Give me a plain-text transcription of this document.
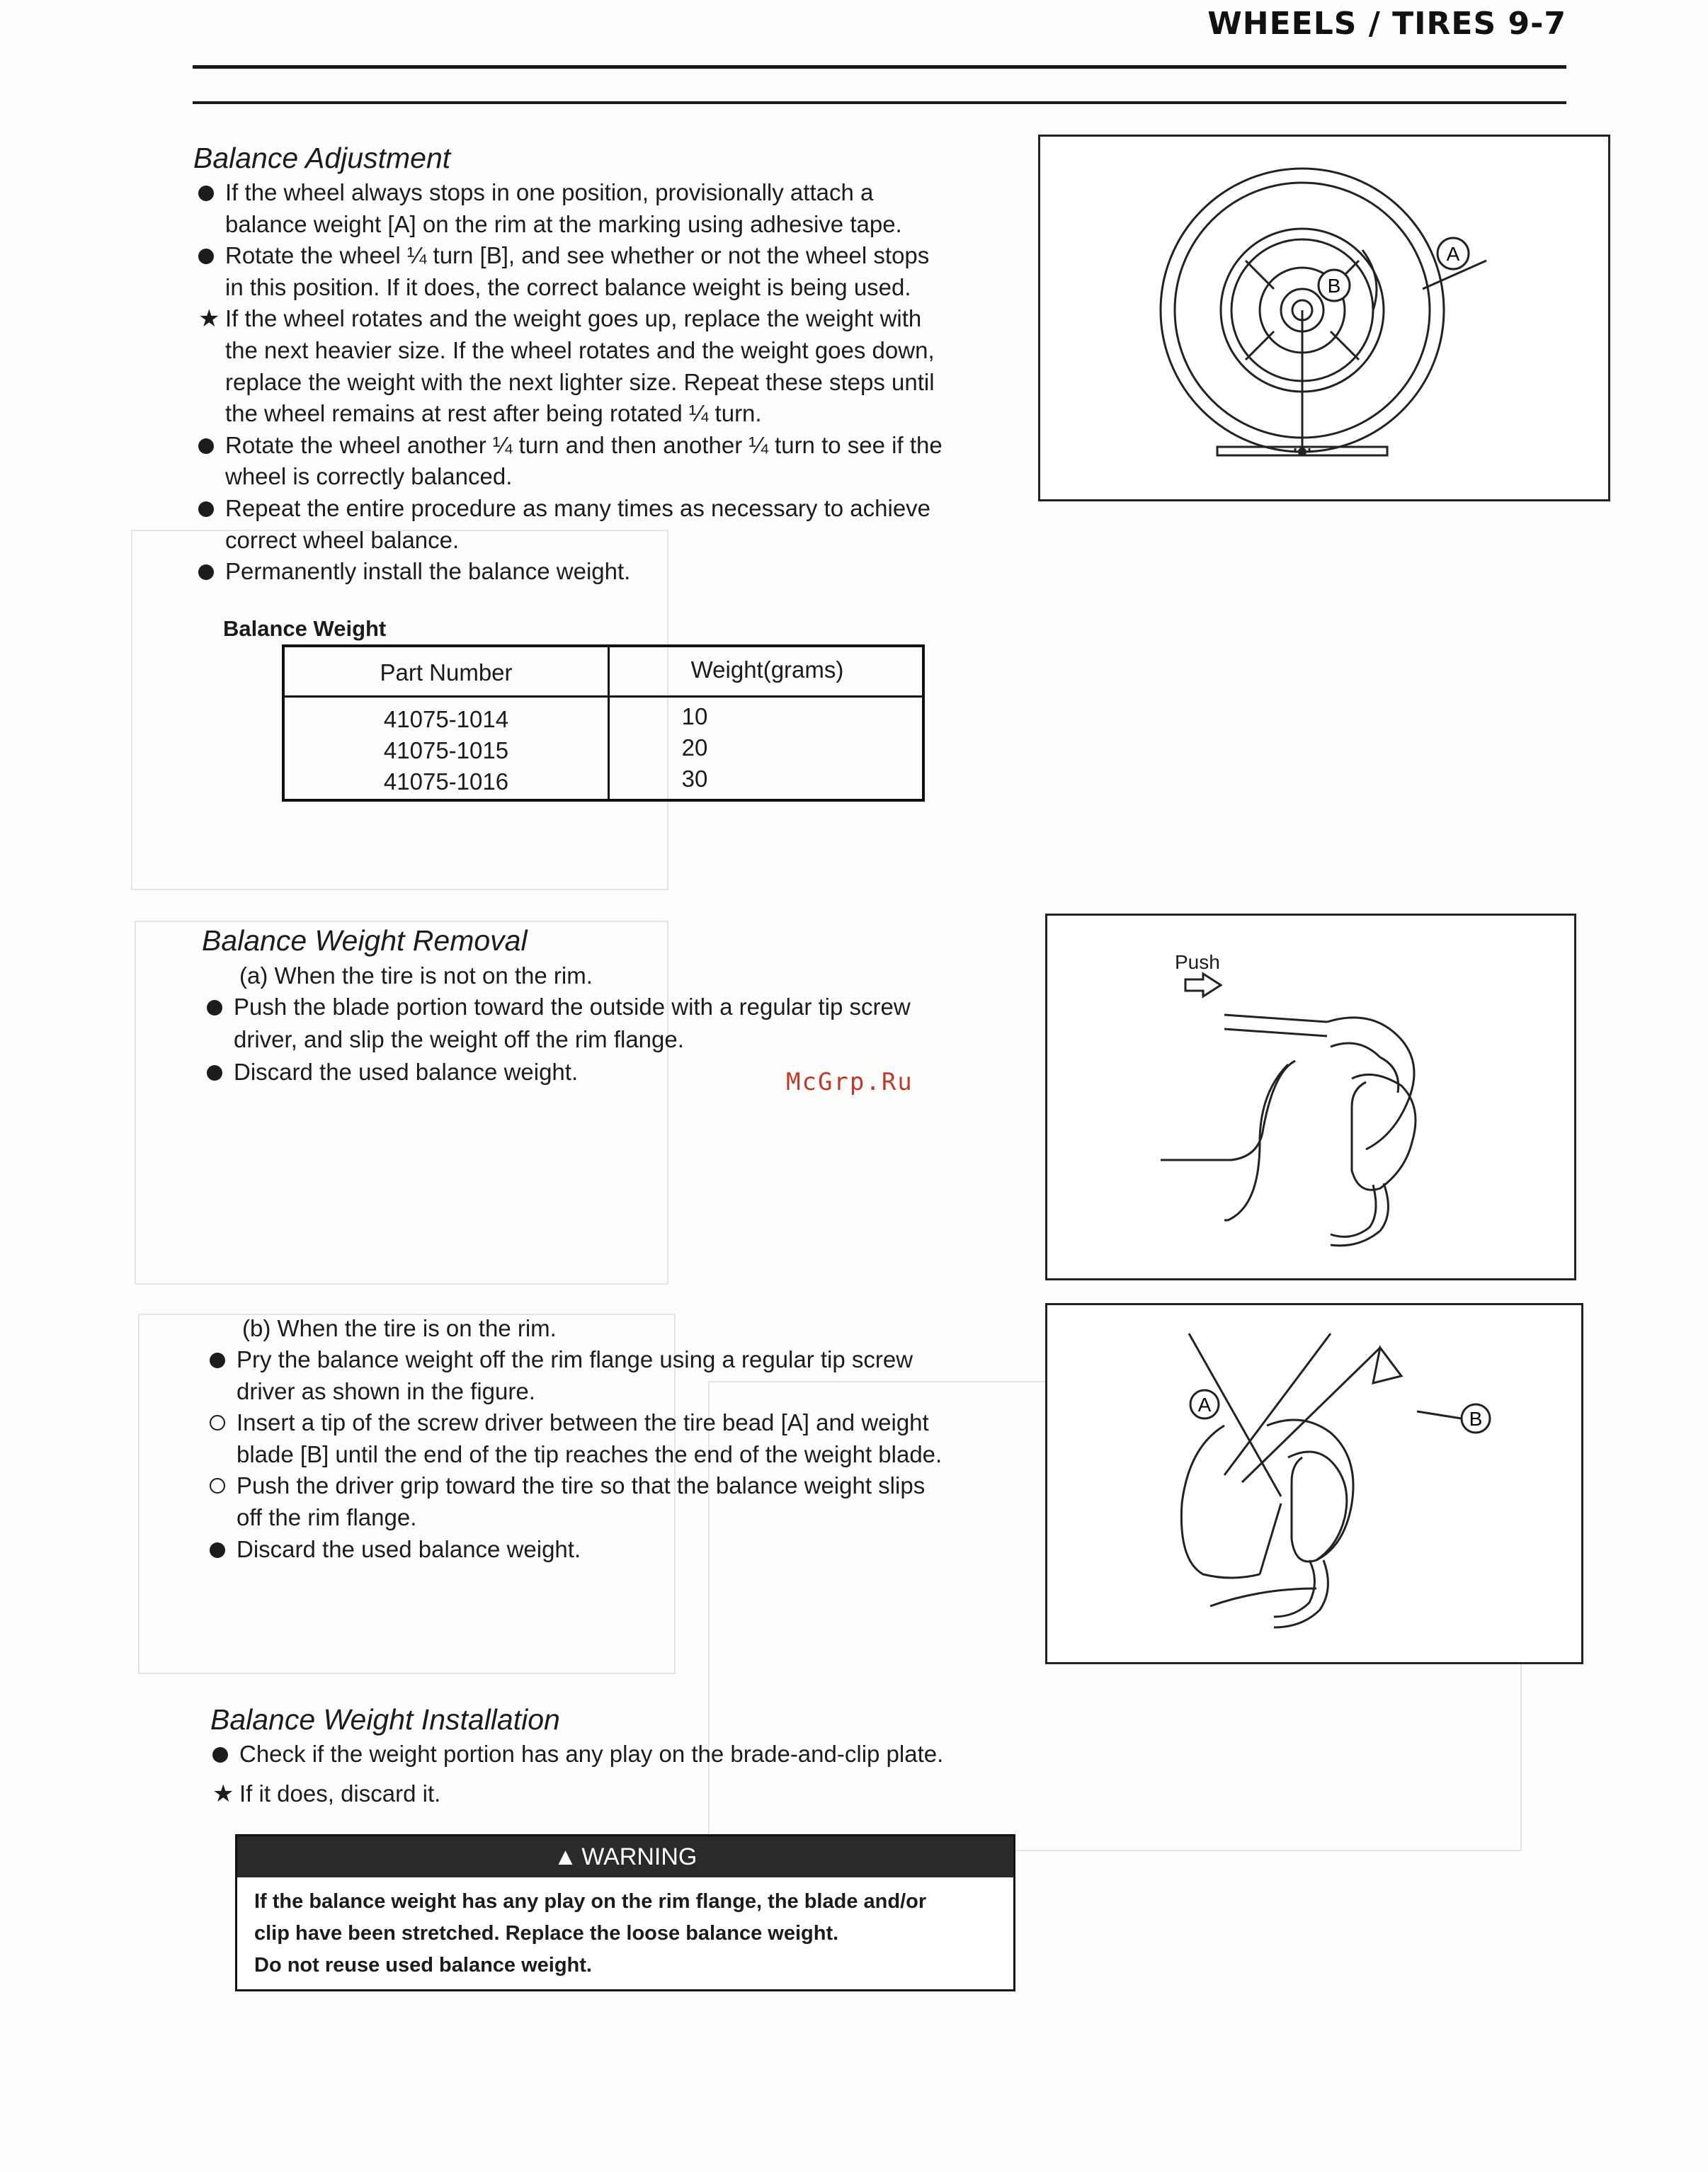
WHEELS / TIRES 9-7
Balance Adjustment
If the wheel always stops in one position, provisionally attach a
balance weight [A] on the rim at the marking using adhesive tape.
Rotate the wheel ¼ turn [B], and see whether or not the wheel stops
in this position. If it does, the correct balance weight is being used.
★ If the wheel rotates and the weight goes up, replace the weight with
the next heavier size. If the wheel rotates and the weight goes down,
replace the weight with the next lighter size. Repeat these steps until
the wheel remains at rest after being rotated ¼ turn.
Rotate the wheel another ¼ turn and then another ¼ turn to see if the
wheel is correctly balanced.
Repeat the entire procedure as many times as necessary to achieve
correct wheel balance.
Permanently install the balance weight.
B
A
Balance Weight
Part Number	Weight(grams)
41075-1014
41075-1015
41075-1016
10
20
30
Balance Weight Removal
(a) When the tire is not on the rim.
Push the blade portion toward the outside with a regular tip screw
driver, and slip the weight off the rim flange.
Discard the used balance weight.	McGrp.Ru
Push
(b) When the tire is on the rim.
Pry the balance weight off the rim flange using a regular tip screw
driver as shown in the figure.
Insert a tip of the screw driver between the tire bead [A] and weight
blade [B] until the end of the tip reaches the end of the weight blade.
Push the driver grip toward the tire so that the balance weight slips
off the rim flange.
Discard the used balance weight.
A
B
Balance Weight Installation
Check if the weight portion has any play on the brade-and-clip plate.
★ If it does, discard it.
▲ WARNING
If the balance weight has any play on the rim flange, the blade and/or
clip have been stretched. Replace the loose balance weight.
Do not reuse used balance weight.
